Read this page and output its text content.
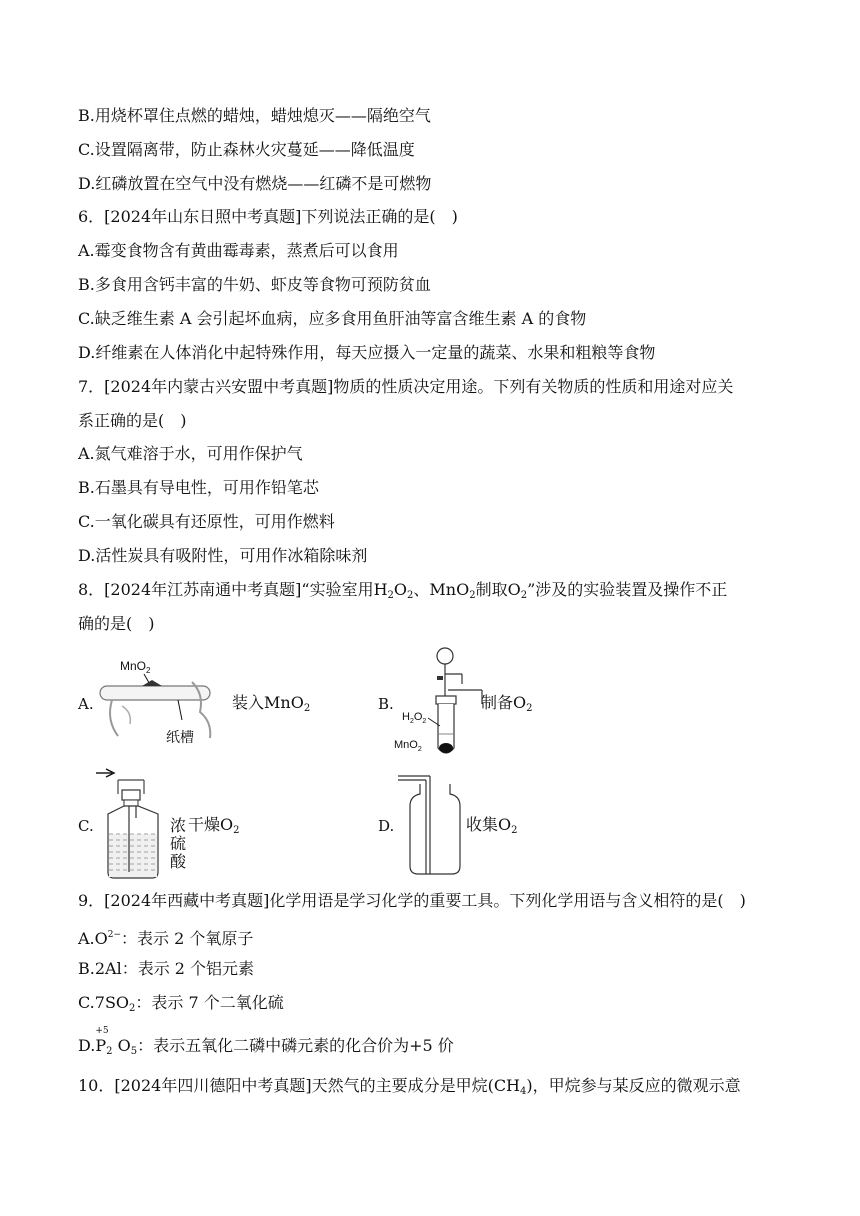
B.用烧杯罩住点燃的蜡烛，蜡烛熄灭——隔绝空气
C.设置隔离带，防止森林火灾蔓延——降低温度
D.红磷放置在空气中没有燃烧——红磷不是可燃物
6．[2024年山东日照中考真题]下列说法正确的是(　)
A.霉变食物含有黄曲霉毒素，蒸煮后可以食用
B.多食用含钙丰富的牛奶、虾皮等食物可预防贫血
C.缺乏维生素 A 会引起坏血病，应多食用鱼肝油等富含维生素 A 的食物
D.纤维素在人体消化中起特殊作用，每天应摄入一定量的蔬菜、水果和粗粮等食物
7．[2024年内蒙古兴安盟中考真题]物质的性质决定用途。下列有关物质的性质和用途对应关
系正确的是(　)
A.氮气难溶于水，可用作保护气
B.石墨具有导电性，可用作铅笔芯
C.一氧化碳具有还原性，可用作燃料
D.活性炭具有吸附性，可用作冰箱除味剂
8．[2024年江苏南通中考真题]“实验室用$H_2O_2$、MnO$_2$制取$O_2$”涉及的实验装置及操作不正
确的是(　)
A.
MnO$_2$
纸槽
装入MnO$_2$	B.
$H_2O_2$
MnO$_2$
制备$O_2$
C.	浓
硫
酸
干燥$O_2$	D.	收集$O_2$
9．[2024年西藏中考真题]化学用语是学习化学的重要工具。下列化学用语与含义相符的是(　)
$A.O^{2-}$：表示 2 个氧原子
B.2Al：表示 2 个铝元素
$C.7SO_2$：表示 7 个二氧化硫
D.
+5
$P_2$ $O_5$：表示五氧化二磷中磷元素的化合价为+5 价
10．[2024年四川德阳中考真题]天然气的主要成分是甲烷$(CH_4)$，甲烷参与某反应的微观示意
